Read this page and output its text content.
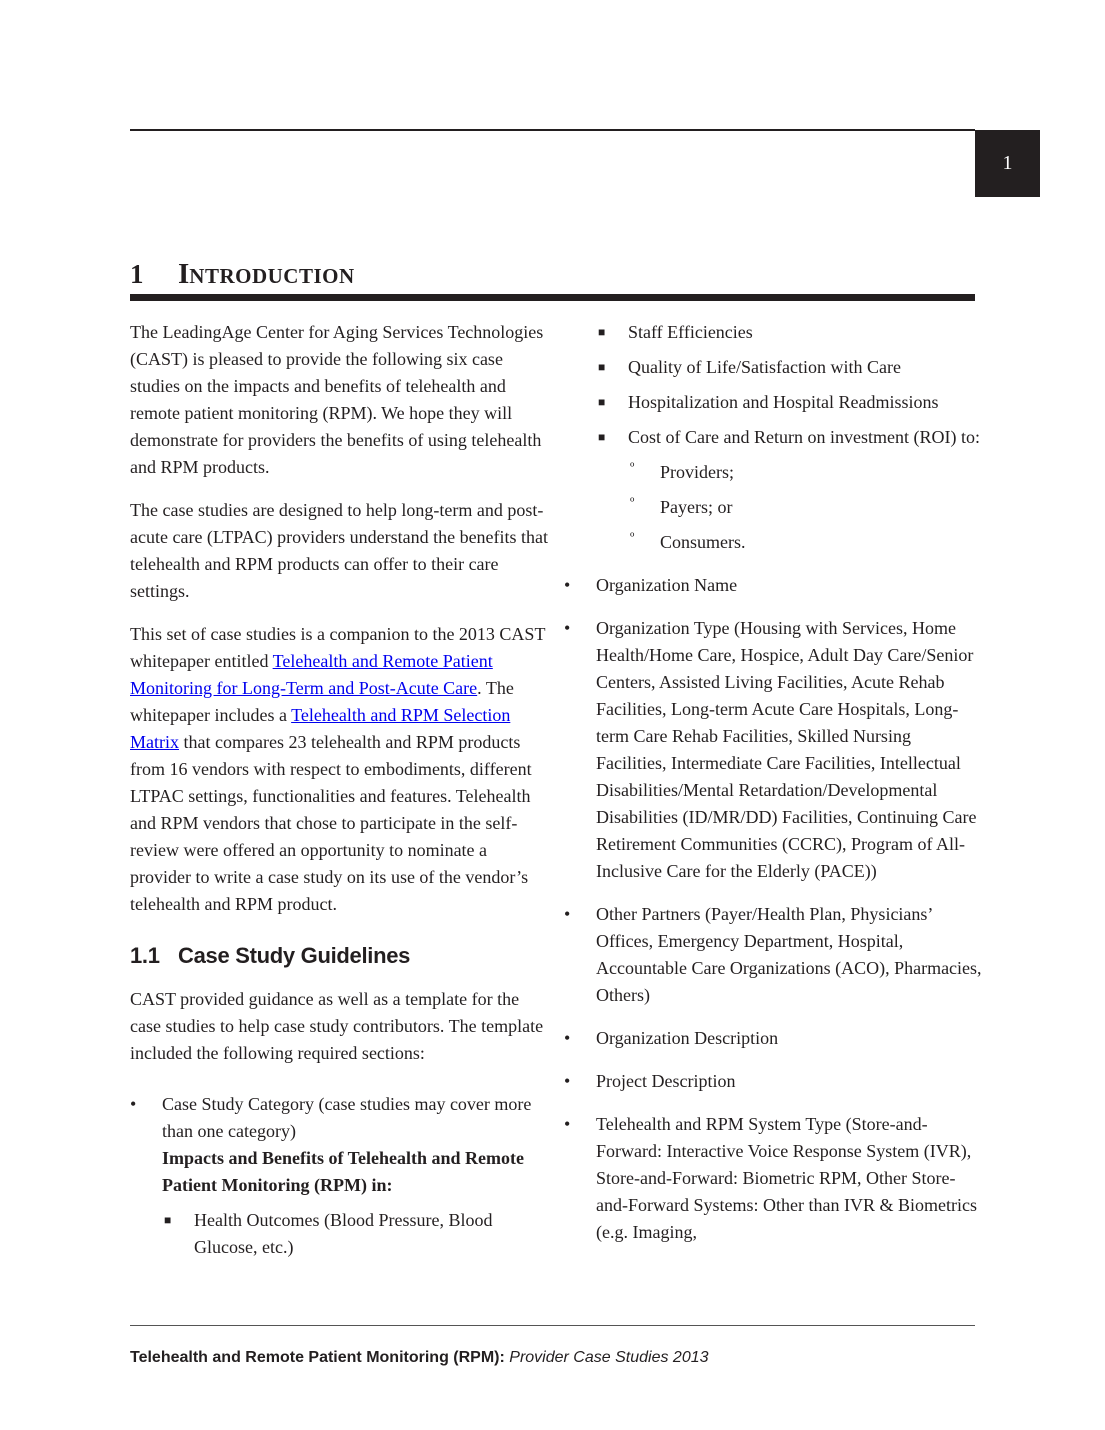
1
1 INTRODUCTION

The LeadingAge Center for Aging Services Technologies (CAST) is pleased to provide the following six case studies on the impacts and benefits of telehealth and remote patient monitoring (RPM). We hope they will demonstrate for providers the benefits of using telehealth and RPM products.

The case studies are designed to help long-term and post-acute care (LTPAC) providers understand the benefits that telehealth and RPM products can offer to their care settings.

This set of case studies is a companion to the 2013 CAST whitepaper entitled Telehealth and Remote Patient Monitoring for Long-Term and Post-Acute Care. The whitepaper includes a Telehealth and RPM Selection Matrix that compares 23 telehealth and RPM products from 16 vendors with respect to embodiments, different LTPAC settings, functionalities and features. Telehealth and RPM vendors that chose to participate in the self-review were offered an opportunity to nominate a provider to write a case study on its use of the vendor’s telehealth and RPM product.

1.1 Case Study Guidelines

CAST provided guidance as well as a template for the case studies to help case study contributors. The template included the following required sections:

• Case Study Category (case studies may cover more than one category)
Impacts and Benefits of Telehealth and Remote Patient Monitoring (RPM) in:
■ Health Outcomes (Blood Pressure, Blood Glucose, etc.)
■ Staff Efficiencies
■ Quality of Life/Satisfaction with Care
■ Hospitalization and Hospital Readmissions
■ Cost of Care and Return on investment (ROI) to:
º Providers;
º Payers; or
º Consumers.
• Organization Name
• Organization Type (Housing with Services, Home Health/Home Care, Hospice, Adult Day Care/Senior Centers, Assisted Living Facilities, Acute Rehab Facilities, Long-term Acute Care Hospitals, Long-term Care Rehab Facilities, Skilled Nursing Facilities, Intermediate Care Facilities, Intellectual Disabilities/Mental Retardation/Developmental Disabilities (ID/MR/DD) Facilities, Continuing Care Retirement Communities (CCRC), Program of All-Inclusive Care for the Elderly (PACE))
• Other Partners (Payer/Health Plan, Physicians’ Offices, Emergency Department, Hospital, Accountable Care Organizations (ACO), Pharmacies, Others)
• Organization Description
• Project Description
• Telehealth and RPM System Type (Store-and-Forward: Interactive Voice Response System (IVR), Store-and-Forward: Biometric RPM, Other Store-and-Forward Systems: Other than IVR & Biometrics (e.g. Imaging,
Telehealth and Remote Patient Monitoring (RPM): Provider Case Studies 2013
